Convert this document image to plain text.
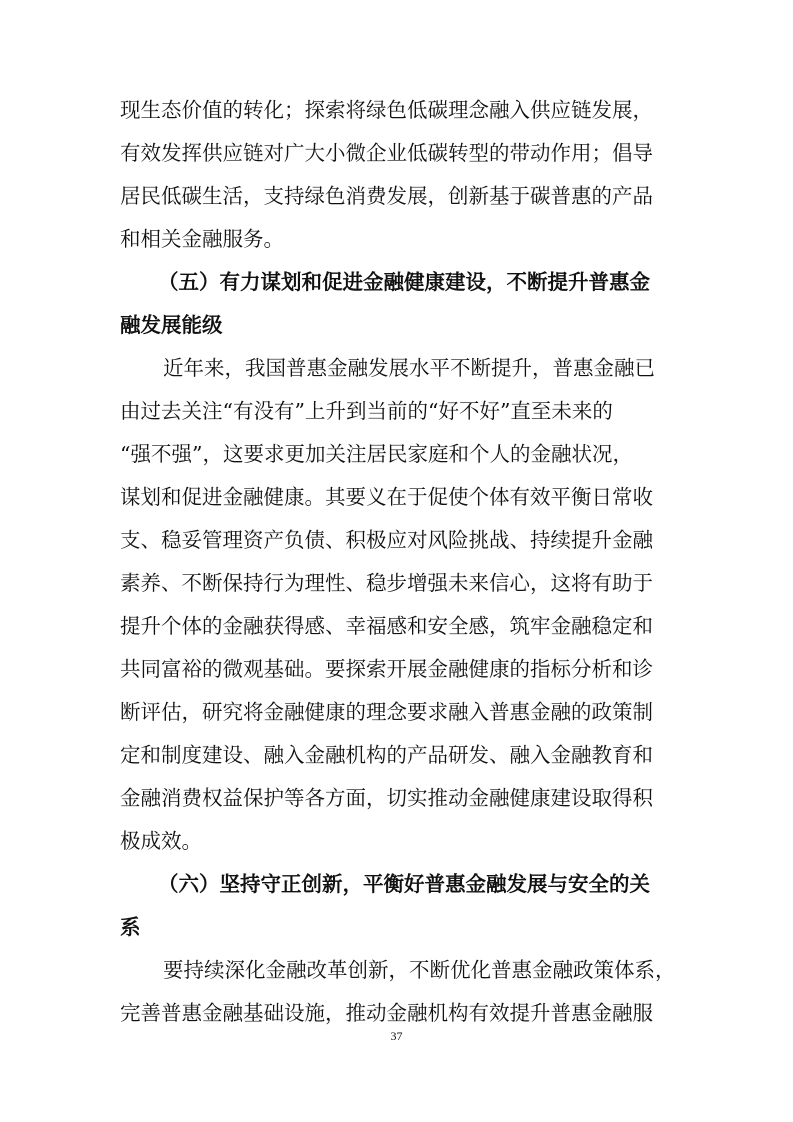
现生态价值的转化；探索将绿色低碳理念融入供应链发展，
有效发挥供应链对广大小微企业低碳转型的带动作用；倡导
居民低碳生活，支持绿色消费发展，创新基于碳普惠的产品
和相关金融服务。
（五）有力谋划和促进金融健康建设，不断提升普惠金
融发展能级
近年来，我国普惠金融发展水平不断提升，普惠金融已
由过去关注“有没有”上升到当前的“好不好”直至未来的
“强不强”，这要求更加关注居民家庭和个人的金融状况，
谋划和促进金融健康。其要义在于促使个体有效平衡日常收
支、稳妥管理资产负债、积极应对风险挑战、持续提升金融
素养、不断保持行为理性、稳步增强未来信心，这将有助于
提升个体的金融获得感、幸福感和安全感，筑牢金融稳定和
共同富裕的微观基础。要探索开展金融健康的指标分析和诊
断评估，研究将金融健康的理念要求融入普惠金融的政策制
定和制度建设、融入金融机构的产品研发、融入金融教育和
金融消费权益保护等各方面，切实推动金融健康建设取得积
极成效。
（六）坚持守正创新，平衡好普惠金融发展与安全的关
系
要持续深化金融改革创新，不断优化普惠金融政策体系，
完善普惠金融基础设施，推动金融机构有效提升普惠金融服
37
